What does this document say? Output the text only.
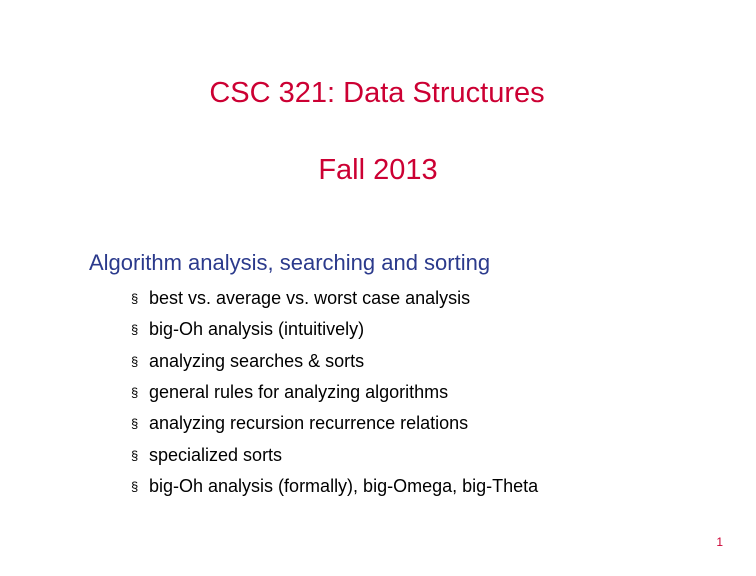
CSC 321: Data Structures
Fall 2013
Algorithm analysis, searching and sorting
§ best vs. average vs. worst case analysis
§ big-Oh analysis (intuitively)
§ analyzing searches & sorts
§ general rules for analyzing algorithms
§ analyzing recursion recurrence relations
§ specialized sorts
§ big-Oh analysis (formally), big-Omega, big-Theta
1
